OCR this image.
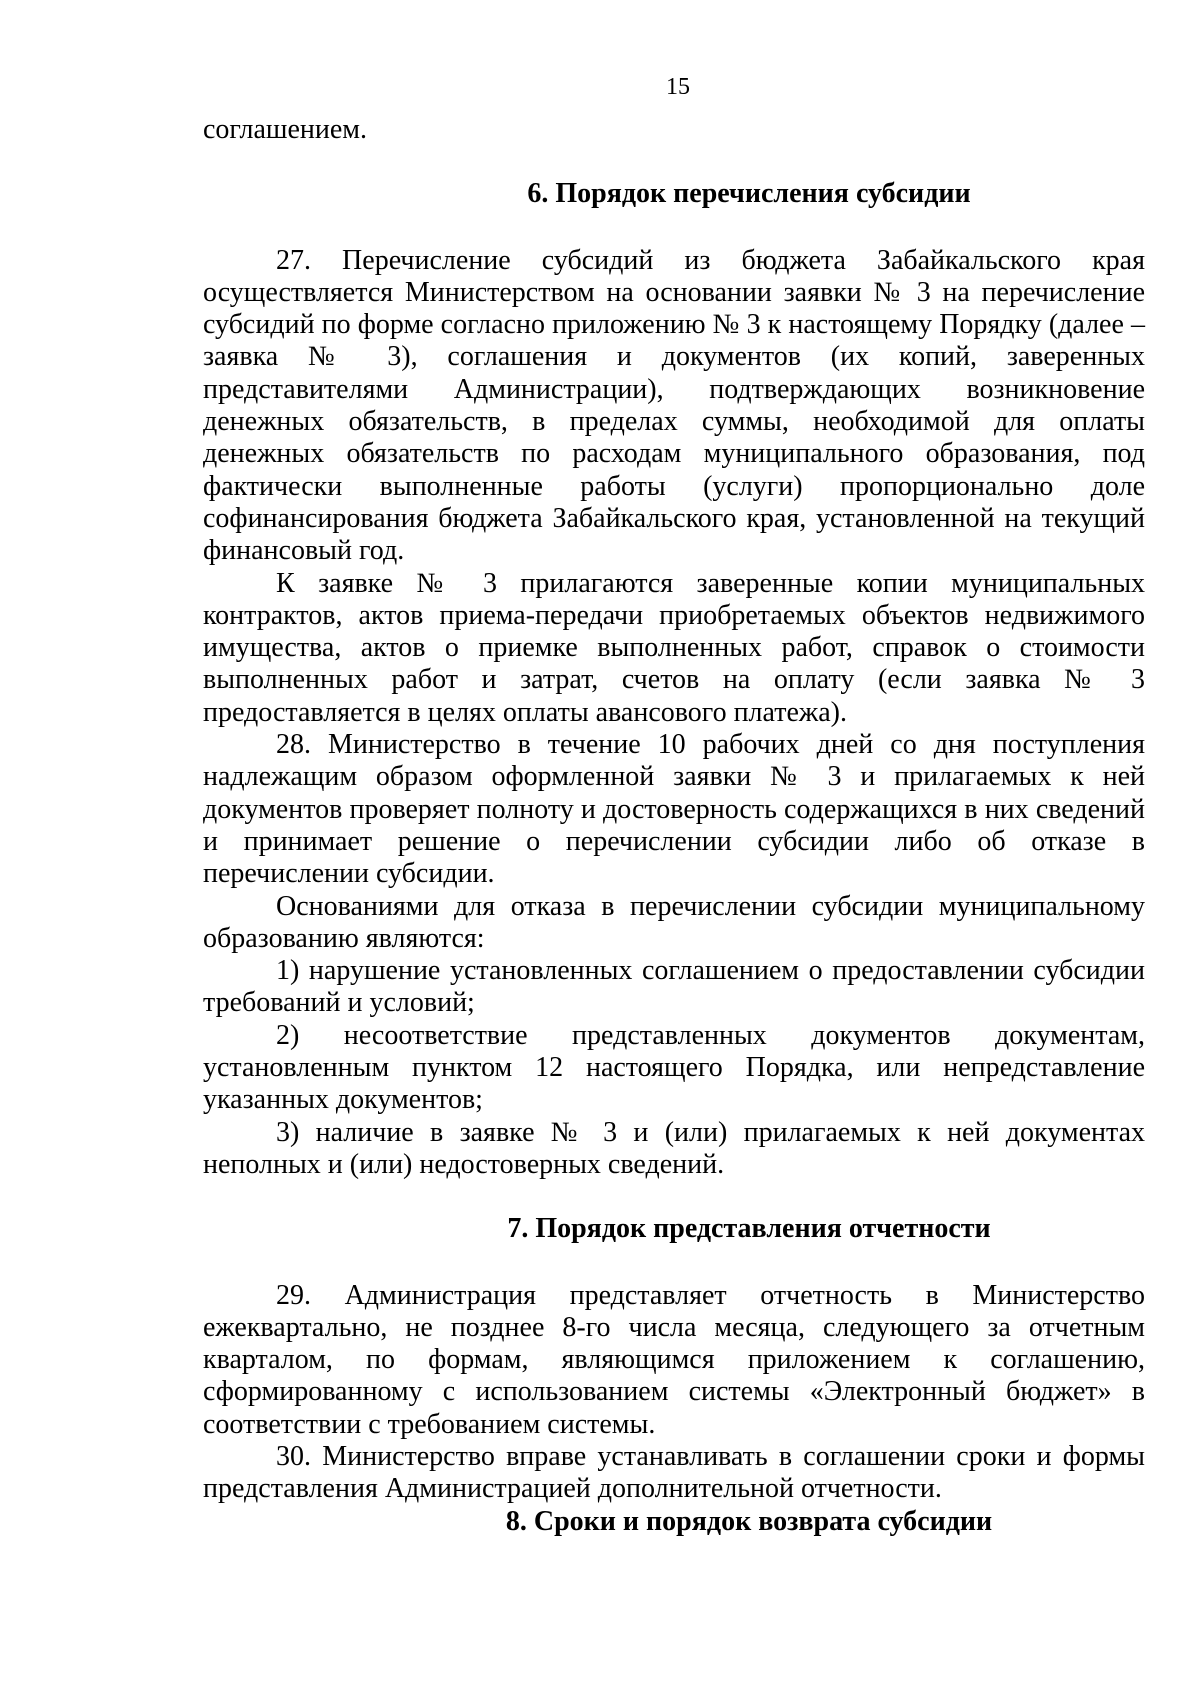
15

соглашением.

6. Порядок перечисления субсидии

27. Перечисление субсидий из бюджета Забайкальского края осуществляется Министерством на основании заявки № 3 на перечисление субсидий по форме согласно приложению № 3 к настоящему Порядку (далее – заявка № 3), соглашения и документов (их копий, заверенных представителями Администрации), подтверждающих возникновение денежных обязательств, в пределах суммы, необходимой для оплаты денежных обязательств по расходам муниципального образования, под фактически выполненные работы (услуги) пропорционально доле софинансирования бюджета Забайкальского края, установленной на текущий финансовый год.

К заявке № 3 прилагаются заверенные копии муниципальных контрактов, актов приема-передачи приобретаемых объектов недвижимого имущества, актов о приемке выполненных работ, справок о стоимости выполненных работ и затрат, счетов на оплату (если заявка № 3 предоставляется в целях оплаты авансового платежа).

28. Министерство в течение 10 рабочих дней со дня поступления надлежащим образом оформленной заявки № 3 и прилагаемых к ней документов проверяет полноту и достоверность содержащихся в них сведений и принимает решение о перечислении субсидии либо об отказе в перечислении субсидии.

Основаниями для отказа в перечислении субсидии муниципальному образованию являются:

1) нарушение установленных соглашением о предоставлении субсидии требований и условий;

2) несоответствие представленных документов документам, установленным пунктом 12 настоящего Порядка, или непредставление указанных документов;

3) наличие в заявке № 3 и (или) прилагаемых к ней документах неполных и (или) недостоверных сведений.

7. Порядок представления отчетности

29. Администрация представляет отчетность в Министерство ежеквартально, не позднее 8-го числа месяца, следующего за отчетным кварталом, по формам, являющимся приложением к соглашению, сформированному с использованием системы «Электронный бюджет» в соответствии с требованием системы.

30. Министерство вправе устанавливать в соглашении сроки и формы представления Администрацией дополнительной отчетности.

8. Сроки и порядок возврата субсидии
